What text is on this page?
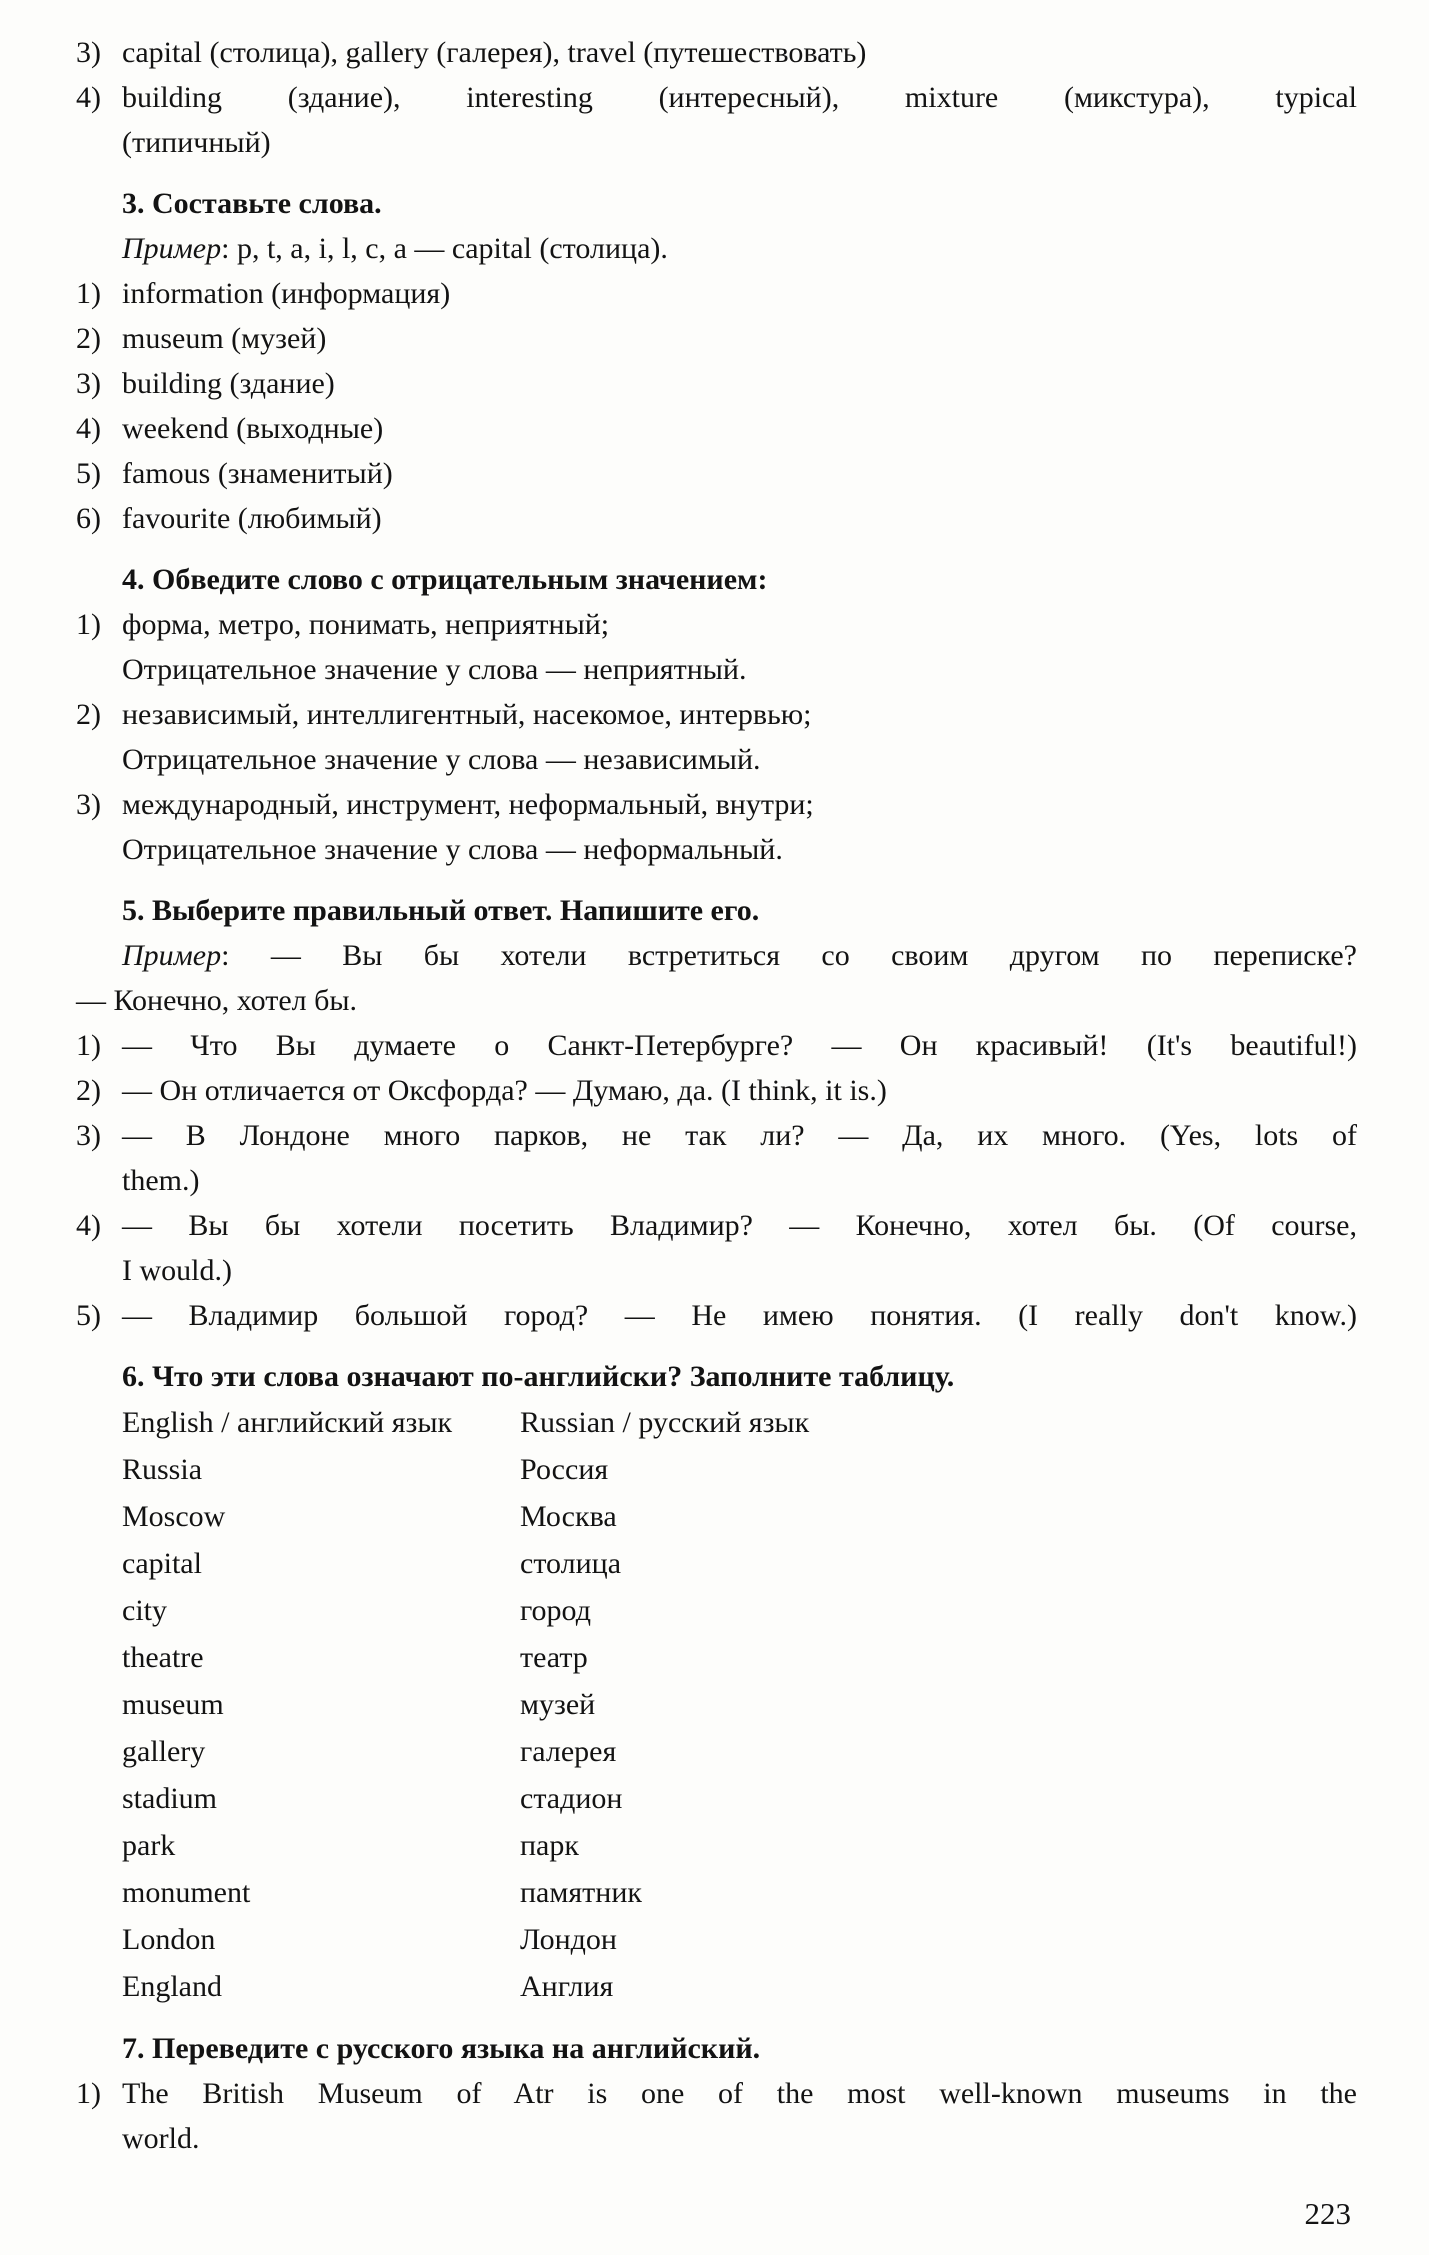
3) capital (столица), gallery (галерея), travel (путешествовать)
4) building (здание), interesting (интересный), mixture (микстура), typical
(типичный)
3. Составьте слова.
Пример: p, t, a, i, l, c, a — capital (столица).
1) information (информация)
2) museum (музей)
3) building (здание)
4) weekend (выходные)
5) famous (знаменитый)
6) favourite (любимый)
4. Обведите слово с отрицательным значением:
1) форма, метро, понимать, неприятный;
Отрицательное значение у слова — неприятный.
2) независимый, интеллигентный, насекомое, интервью;
Отрицательное значение у слова — независимый.
3) международный, инструмент, неформальный, внутри;
Отрицательное значение у слова — неформальный.
5. Выберите правильный ответ. Напишите его.
Пример: — Вы бы хотели встретиться со своим другом по переписке?
— Конечно, хотел бы.
1) — Что Вы думаете о Санкт-Петербурге? — Он красивый! (It's beautiful!)
2) — Он отличается от Оксфорда? — Думаю, да. (I think, it is.)
3) — В Лондоне много парков, не так ли? — Да, их много. (Yes, lots of
them.)
4) — Вы бы хотели посетить Владимир? — Конечно, хотел бы. (Of course,
I would.)
5) — Владимир большой город? — Не имею понятия. (I really don't know.)
6. Что эти слова означают по-английски? Заполните таблицу.
English / английский язык	Russian / русский язык
Russia	Россия
Moscow	Москва
capital	столица
city	город
theatre	театр
museum	музей
gallery	галерея
stadium	стадион
park	парк
monument	памятник
London	Лондон
England	Англия
7. Переведите с русского языка на английский.
1) The British Museum of Atr is one of the most well-known museums in the
world.
223
